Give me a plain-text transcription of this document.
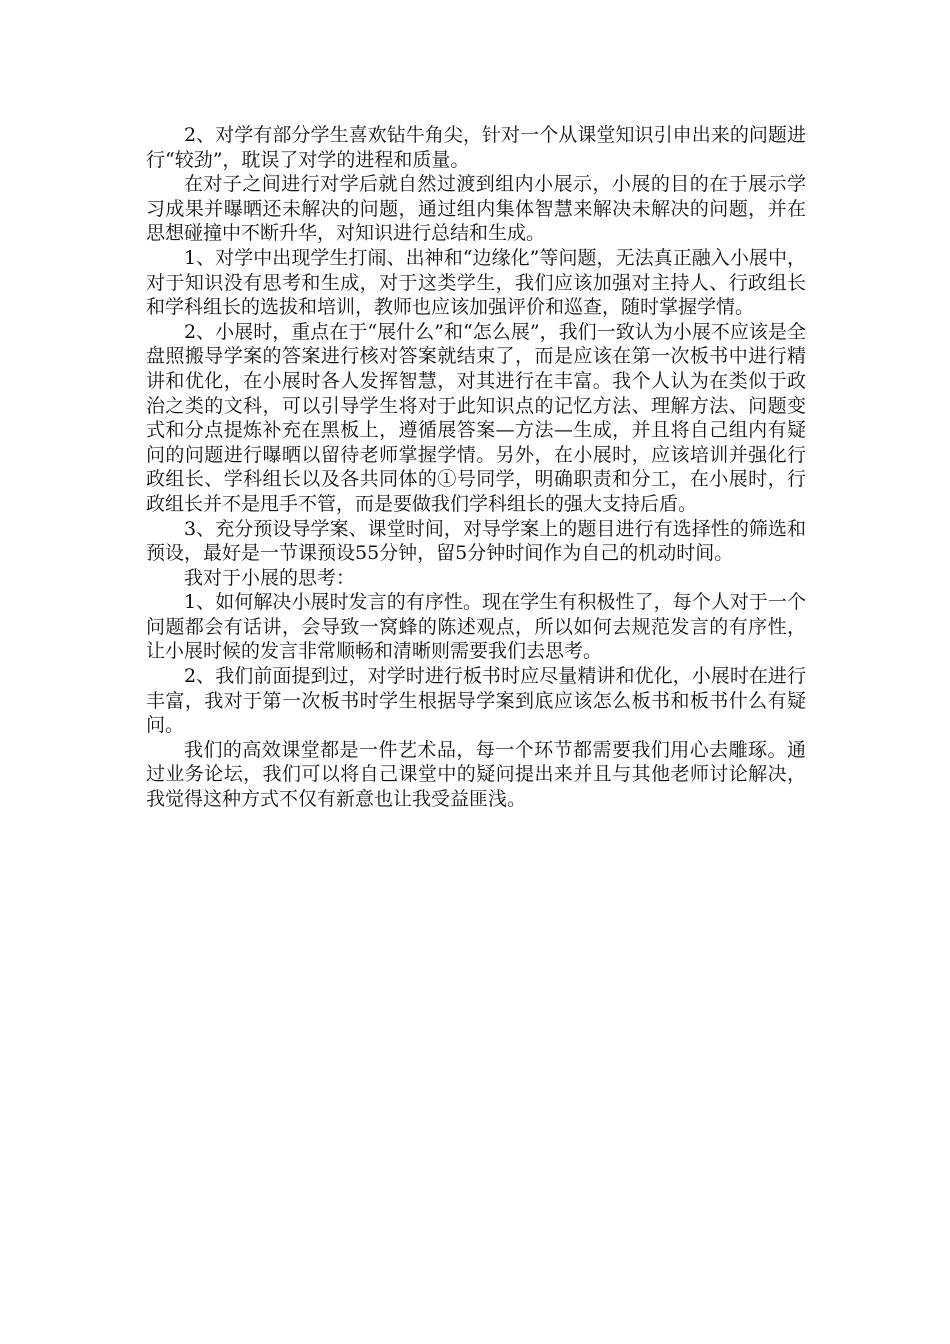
2、对学有部分学生喜欢钻牛角尖，针对一个从课堂知识引申出来的问题进行“较劲”，耽误了对学的进程和质量。

在对子之间进行对学后就自然过渡到组内小展示，小展的目的在于展示学习成果并曝晒还未解决的问题，通过组内集体智慧来解决未解决的问题，并在思想碰撞中不断升华，对知识进行总结和生成。

1、对学中出现学生打闹、出神和“边缘化”等问题，无法真正融入小展中，对于知识没有思考和生成，对于这类学生，我们应该加强对主持人、行政组长和学科组长的选拔和培训，教师也应该加强评价和巡查，随时掌握学情。

2、小展时，重点在于“展什么”和“怎么展”，我们一致认为小展不应该是全盘照搬导学案的答案进行核对答案就结束了，而是应该在第一次板书中进行精讲和优化，在小展时各人发挥智慧，对其进行在丰富。我个人认为在类似于政治之类的文科，可以引导学生将对于此知识点的记忆方法、理解方法、问题变式和分点提炼补充在黑板上，遵循展答案—方法—生成，并且将自己组内有疑问的问题进行曝晒以留待老师掌握学情。另外，在小展时，应该培训并强化行政组长、学科组长以及各共同体的①号同学，明确职责和分工，在小展时，行政组长并不是甩手不管，而是要做我们学科组长的强大支持后盾。

3、充分预设导学案、课堂时间，对导学案上的题目进行有选择性的筛选和预设，最好是一节课预设55分钟，留5分钟时间作为自己的机动时间。

我对于小展的思考：

1、如何解决小展时发言的有序性。现在学生有积极性了，每个人对于一个问题都会有话讲，会导致一窝蜂的陈述观点，所以如何去规范发言的有序性，让小展时候的发言非常顺畅和清晰则需要我们去思考。

2、我们前面提到过，对学时进行板书时应尽量精讲和优化，小展时在进行丰富，我对于第一次板书时学生根据导学案到底应该怎么板书和板书什么有疑问。

我们的高效课堂都是一件艺术品，每一个环节都需要我们用心去雕琢。通过业务论坛，我们可以将自己课堂中的疑问提出来并且与其他老师讨论解决，我觉得这种方式不仅有新意也让我受益匪浅。
